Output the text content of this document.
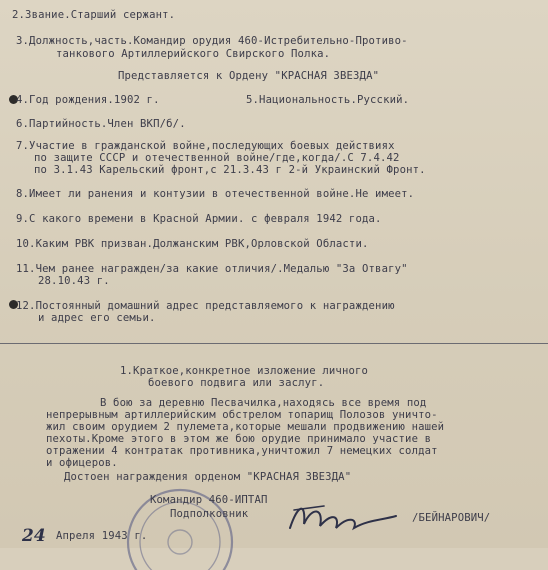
2.Звание.Старший сержант.
3.Должность,часть.Командир орудия 460-Истребительно-Противо-
танкового Артиллерийского Свирского Полка.
Представляется к Ордену "КРАСНАЯ ЗВЕЗДА"
4.Год рождения.1902 г.	5.Национальность.Русский.
6.Партийность.Член ВКП/б/.
7.Участие в гражданской войне,последующих боевых действиях
по защите СССР и отечественной войне/где,когда/.С 7.4.42
по 3.1.43 Карельский фронт,с 21.3.43 г 2-й Украинский Фронт.
8.Имеет ли ранения и контузии в отечественной войне.Не имеет.
9.С какого времени в Красной Армии. с февраля 1942 года.
10.Каким РВК призван.Должанским РВК,Орловской Области.
11.Чем ранее награжден/за какие отличия/.Медалью "За Отвагу"
28.10.43 г.
12.Постоянный домашний адрес представляемого к награждению
и адрес его семьи.
1.Краткое,конкретное изложение личного
боевого подвига или заслуг.
В бою за деревню Песвачилка,находясь все время под
непрерывным артиллерийским обстрелом топарищ Полозов уничто-
жил своим орудием 2 пулемета,которые мешали продвижению нашей
пехоты.Кроме этого в этом же бою орудие принимало участие в
отражении 4 контратак противника,уничтожил 7 немецких солдат
и офицеров.
Достоен награждения орденом "КРАСНАЯ ЗВЕЗДА"
Командир 460-ИПТАП
Подполковник	/БЕЙНАРОВИЧ/
24 Апреля 1943 г.
